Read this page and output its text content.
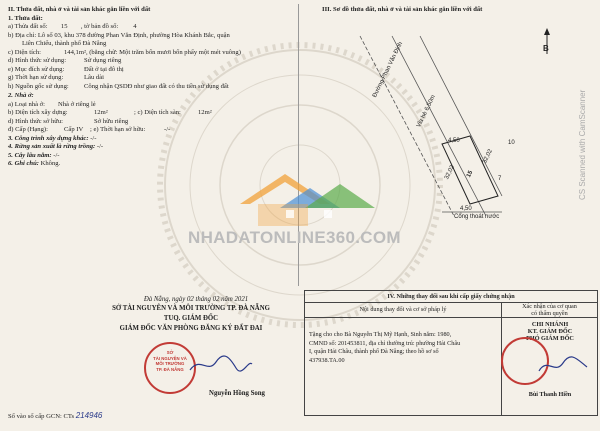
II. Thửa đất, nhà ở và tài sản khác gắn liền với đất
1. Thửa đất:
a) Thửa đất số: 15 , tờ bản đồ số: 4
b) Địa chỉ: Lô số 03, khu 378 đường Phan Văn Định, phường Hòa Khánh Bắc, quận
Liên Chiểu, thành phố Đà Nẵng
c) Diện tích:	144,1m², (bằng chữ: Một trăm bốn mươi bốn phẩy một mét vuông)
d) Hình thức sử dụng:	Sử dụng riêng
e) Mục đích sử dụng:	Đất ở tại đô thị
g) Thời hạn sử dụng:	Lâu dài
h) Nguồn gốc sử dụng: Công nhận QSDĐ như giao đất có thu tiền sử dụng đất
2. Nhà ở:
a) Loại nhà ở: Nhà ở riêng lẻ
b) Diện tích xây dựng:	12m²	; c) Diện tích sàn:	12m²
d) Hình thức sở hữu:	Sở hữu riêng
đ) Cấp (Hạng): Cấp IV ; e) Thời hạn sở hữu:	-/-
3. Công trình xây dựng khác: -/-
4. Rừng sản xuất là rừng trồng: -/-
5. Cây lâu năm: -/-
6. Ghi chú: Không.
III. Sơ đồ thửa đất, nhà ở và tài sản khác gắn liền với đất
B
Đường Phan Văn Định
Vỉa hè 6,50m
15
4,50
32,02
32,02
4,50
10
7
Cổng thoát nước
NHADATONLINE360.COM
Đà Nẵng, ngày 02 tháng 02 năm 2021
SỞ TÀI NGUYÊN VÀ MÔI TRƯỜNG TP. ĐÀ NẴNG
TUQ. GIÁM ĐỐC
GIÁM ĐỐC VĂN PHÒNG ĐĂNG KÝ ĐẤT ĐAI
SỞ
TÀI NGUYÊN VÀ
MÔI TRƯỜNG
TP. ĐÀ NẴNG
Nguyễn Hồng Song
Số vào sổ cấp GCN: CTs 214946
IV. Những thay đổi sau khi cấp giấy chứng nhận
Nội dung thay đổi và cơ sở pháp lý	Xác nhận của cơ quan
có thẩm quyền
Tặng cho cho Bà Nguyễn Thị Mỹ Hạnh, Sinh năm: 1980,
CMND số: 201453811, địa chỉ thường trú: phường Hải Châu
I, quận Hải Châu, thành phố Đà Nẵng; theo hồ sơ số
437938.TA.00
CHI NHÁNH
KT. GIÁM ĐỐC
PHÓ GIÁM ĐỐC
Bùi Thanh Hiền
CS Scanned with CamScanner
